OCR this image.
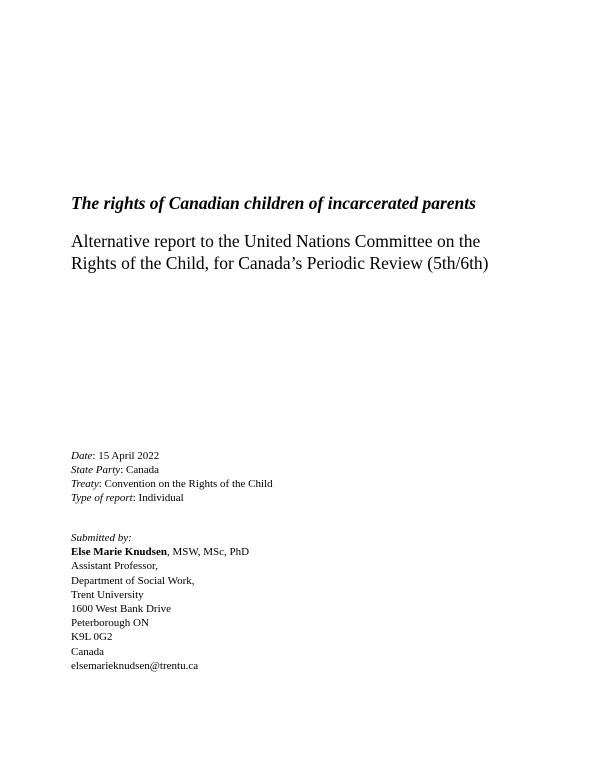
The rights of Canadian children of incarcerated parents
Alternative report to the United Nations Committee on the
Rights of the Child, for Canada’s Periodic Review (5th/6th)
Date: 15 April 2022
State Party: Canada
Treaty: Convention on the Rights of the Child
Type of report: Individual
Submitted by:
Else Marie Knudsen, MSW, MSc, PhD
Assistant Professor,
Department of Social Work,
Trent University
1600 West Bank Drive
Peterborough ON
K9L 0G2
Canada
elsemarieknudsen@trentu.ca
